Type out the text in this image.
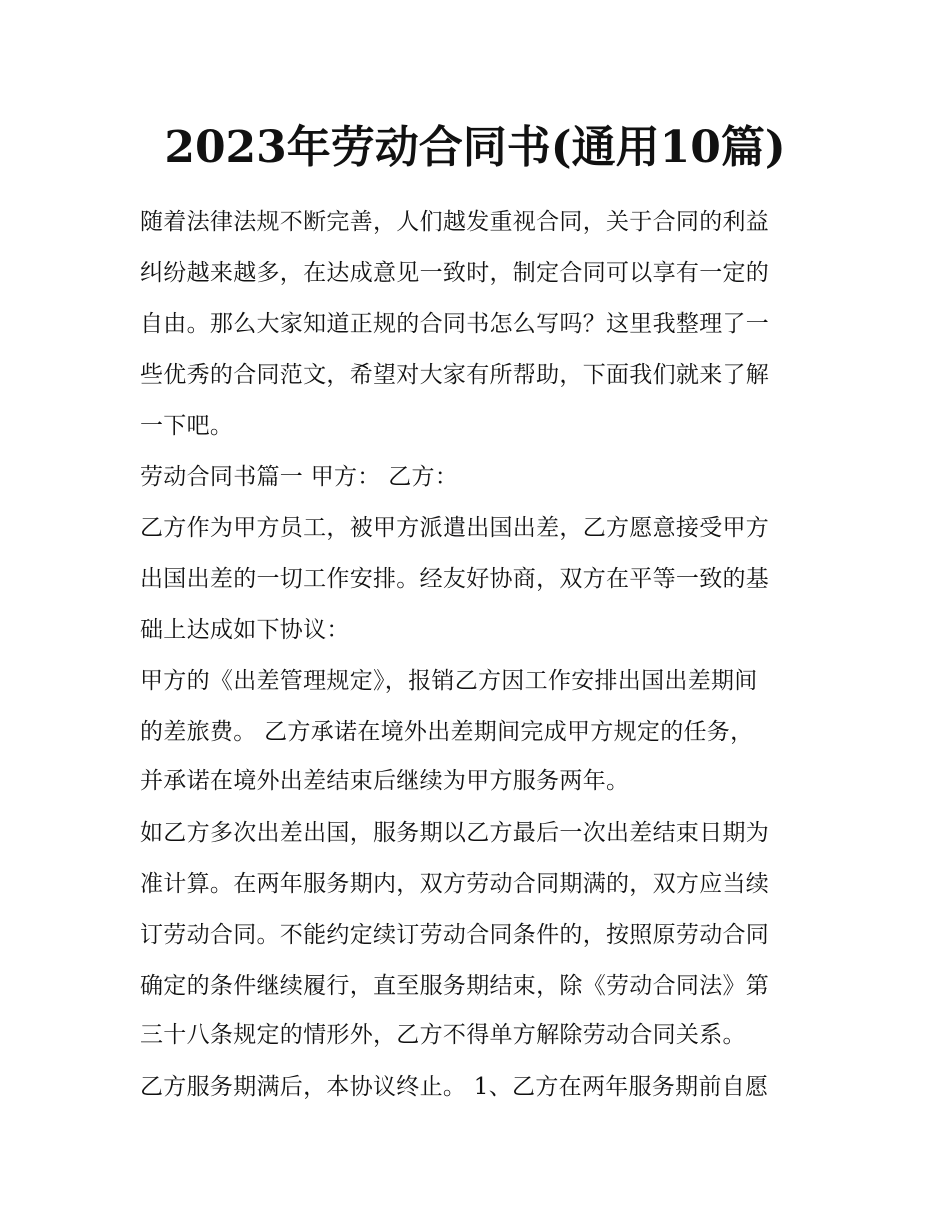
2023年劳动合同书(通用10篇)
随着法律法规不断完善，人们越发重视合同，关于合同的利益
纠纷越来越多，在达成意见一致时，制定合同可以享有一定的
自由。那么大家知道正规的合同书怎么写吗？这里我整理了一
些优秀的合同范文，希望对大家有所帮助，下面我们就来了解
一下吧。
劳动合同书篇一 甲方： 乙方：
乙方作为甲方员工，被甲方派遣出国出差，乙方愿意接受甲方
出国出差的一切工作安排。经友好协商，双方在平等一致的基
础上达成如下协议：
甲方的《出差管理规定》，报销乙方因工作安排出国出差期间
的差旅费。 乙方承诺在境外出差期间完成甲方规定的任务，
并承诺在境外出差结束后继续为甲方服务两年。
如乙方多次出差出国，服务期以乙方最后一次出差结束日期为
准计算。在两年服务期内，双方劳动合同期满的，双方应当续
订劳动合同。不能约定续订劳动合同条件的，按照原劳动合同
确定的条件继续履行，直至服务期结束，除《劳动合同法》第
三十八条规定的情形外，乙方不得单方解除劳动合同关系。
乙方服务期满后，本协议终止。 1、乙方在两年服务期前自愿
